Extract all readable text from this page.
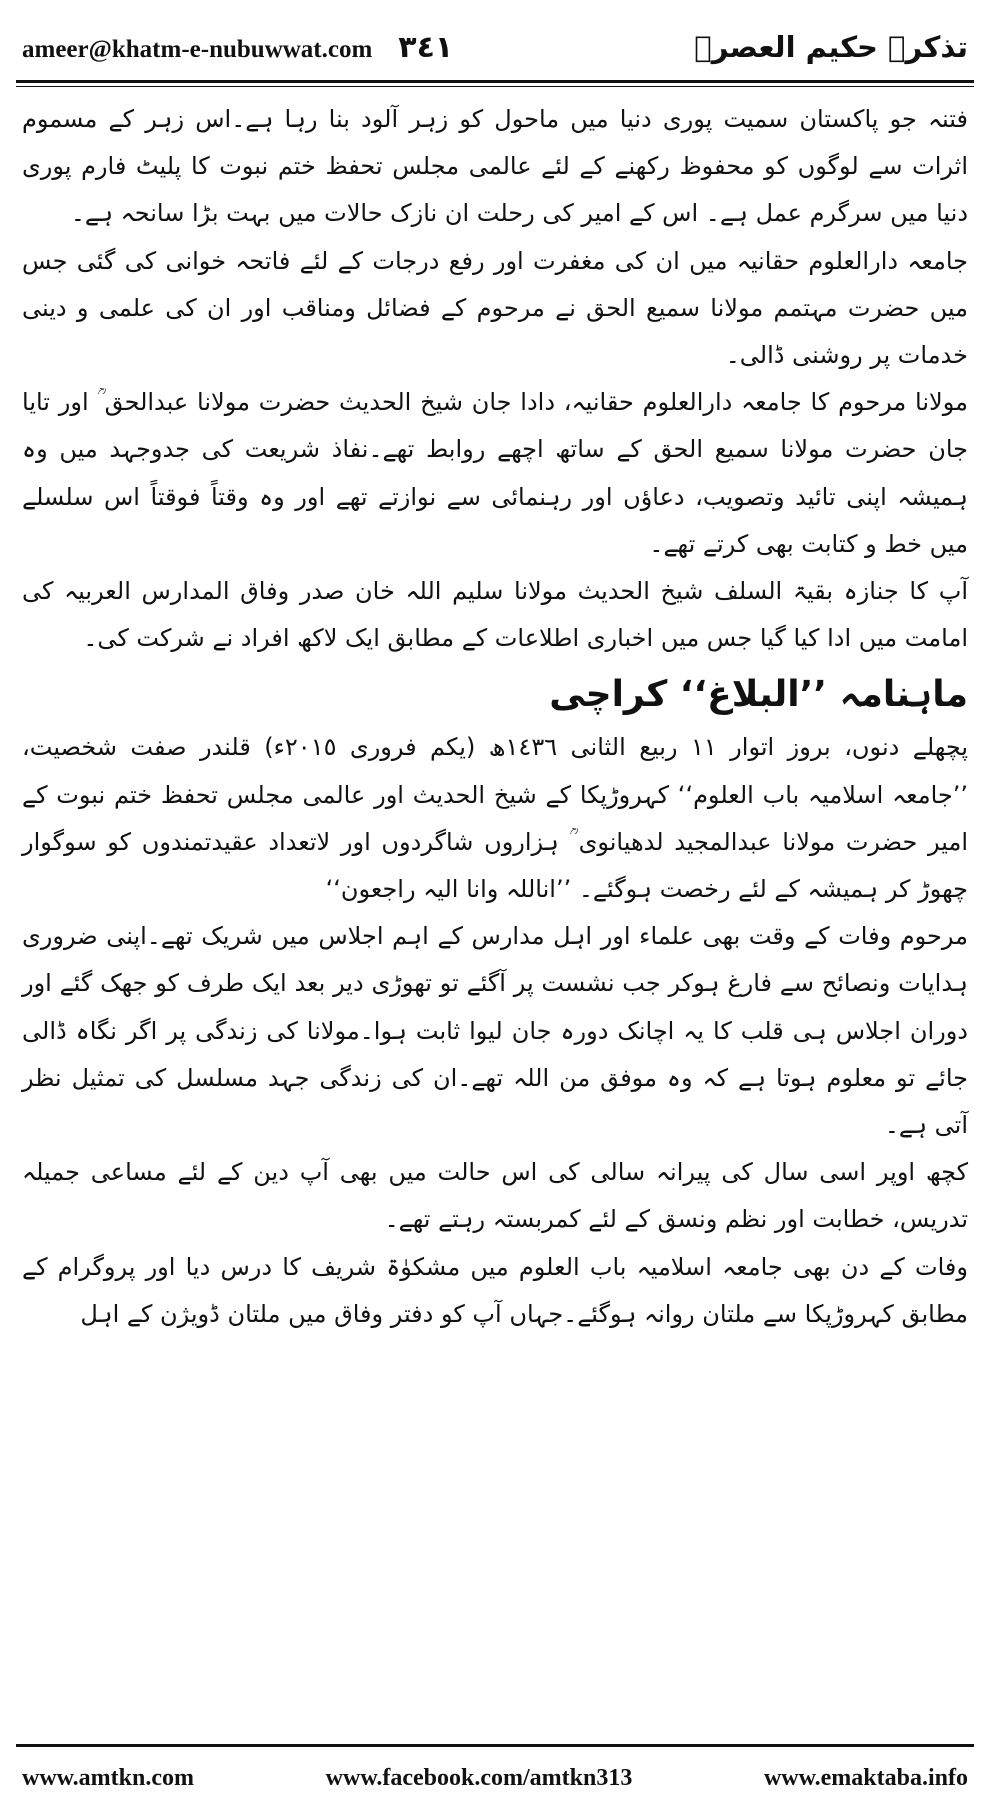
ameer@khatm-e-nubuwwat.com ٣٤١	تذکرہ حکیم العصرؒ

فتنہ جو پاکستان سمیت پوری دنیا میں ماحول کو زہر آلود بنا رہا ہے۔اس زہر کے مسموم اثرات سے لوگوں کو محفوظ رکھنے کے لئے عالمی مجلس تحفظ ختم نبوت کا پلیٹ فارم پوری دنیا میں سرگرم عمل ہے۔ اس کے امیر کی رحلت ان نازک حالات میں بہت بڑا سانحہ ہے۔

جامعہ دارالعلوم حقانیہ میں ان کی مغفرت اور رفع درجات کے لئے فاتحہ خوانی کی گئی جس میں حضرت مہتمم مولانا سمیع الحق نے مرحوم کے فضائل ومناقب اور ان کی علمی و دینی خدمات پر روشنی ڈالی۔

مولانا مرحوم کا جامعہ دارالعلوم حقانیہ، دادا جان شیخ الحدیث حضرت مولانا عبدالحق ؒ اور تایا جان حضرت مولانا سمیع الحق کے ساتھ اچھے روابط تھے۔نفاذ شریعت کی جدوجہد میں وہ ہمیشہ اپنی تائید وتصویب، دعاؤں اور رہنمائی سے نوازتے تھے اور وہ وقتاً فوقتاً اس سلسلے میں خط و کتابت بھی کرتے تھے۔

آپ کا جنازہ بقیۃ السلف شیخ الحدیث مولانا سلیم اللہ خان صدر وفاق المدارس العربیہ کی امامت میں ادا کیا گیا جس میں اخباری اطلاعات کے مطابق ایک لاکھ افراد نے شرکت کی۔

ماہنامہ ’’البلاغ‘‘ کراچی

پچھلے دنوں، بروز اتوار ١١ ربیع الثانی ١٤٣٦ھ (یکم فروری ٢٠١٥ء) قلندر صفت شخصیت، ’’جامعہ اسلامیہ باب العلوم‘‘ کہروڑپکا کے شیخ الحدیث اور عالمی مجلس تحفظ ختم نبوت کے امیر حضرت مولانا عبدالمجید لدھیانوی ؒ ہزاروں شاگردوں اور لاتعداد عقیدتمندوں کو سوگوار چھوڑ کر ہمیشہ کے لئے رخصت ہوگئے۔ ’’اناللہ وانا الیہ راجعون‘‘

مرحوم وفات کے وقت بھی علماء اور اہل مدارس کے اہم اجلاس میں شریک تھے۔اپنی ضروری ہدایات ونصائح سے فارغ ہوکر جب نشست پر آگئے تو تھوڑی دیر بعد ایک طرف کو جھک گئے اور دوران اجلاس ہی قلب کا یہ اچانک دورہ جان لیوا ثابت ہوا۔مولانا کی زندگی پر اگر نگاہ ڈالی جائے تو معلوم ہوتا ہے کہ وہ موفق من اللہ تھے۔ان کی زندگی جہد مسلسل کی تمثیل نظر آتی ہے۔

کچھ اوپر اسی سال کی پیرانہ سالی کی اس حالت میں بھی آپ دین کے لئے مساعی جمیلہ تدریس، خطابت اور نظم ونسق کے لئے کمربستہ رہتے تھے۔

وفات کے دن بھی جامعہ اسلامیہ باب العلوم میں مشکوٰۃ شریف کا درس دیا اور پروگرام کے مطابق کہروڑپکا سے ملتان روانہ ہوگئے۔جہاں آپ کو دفتر وفاق میں ملتان ڈویژن کے اہل

www.amtkn.com	www.facebook.com/amtkn313	www.emaktaba.info
